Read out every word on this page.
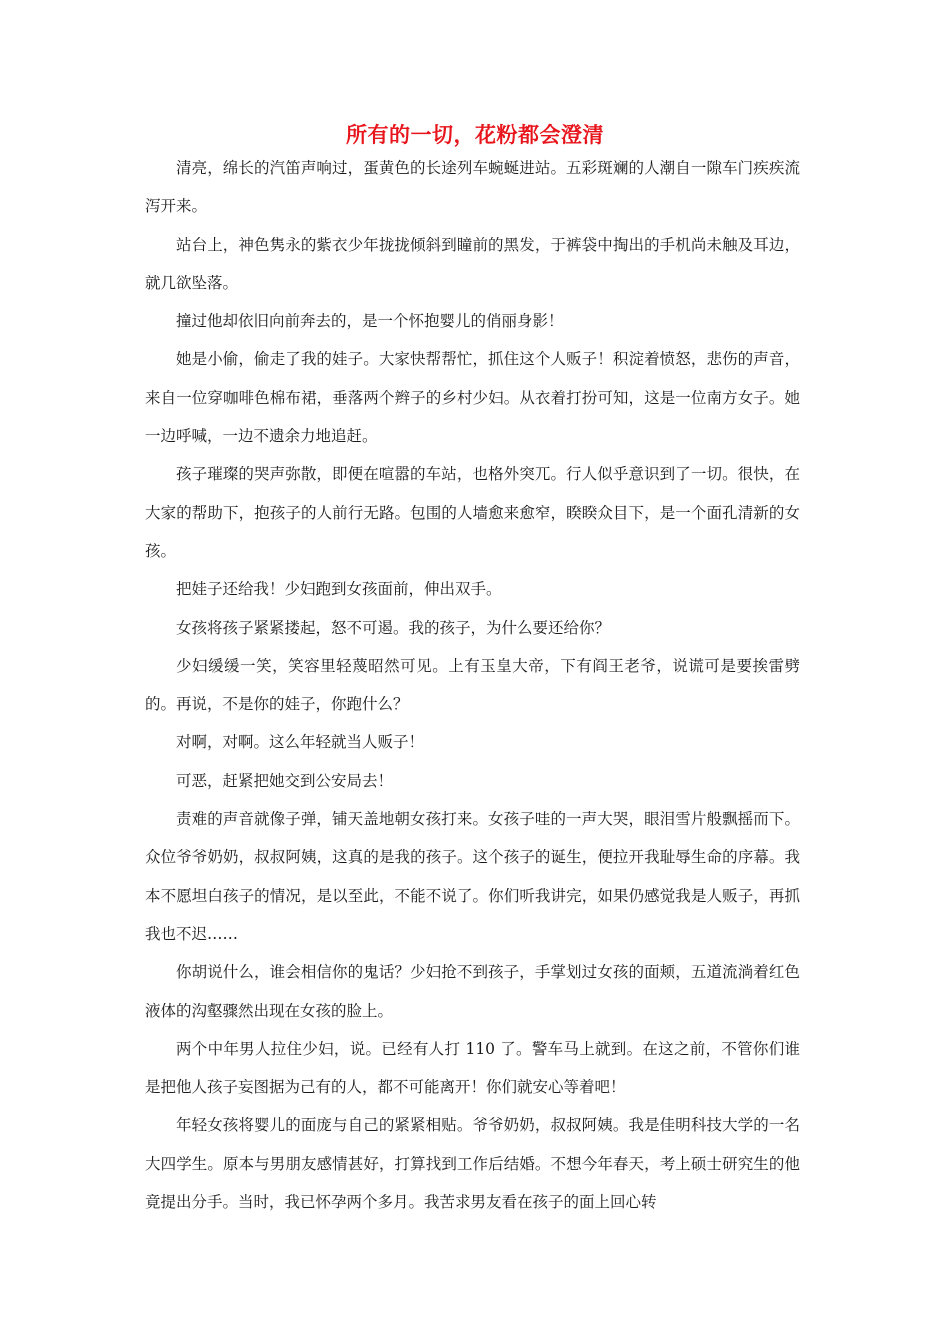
所有的一切，花粉都会澄清

清亮，绵长的汽笛声响过，蛋黄色的长途列车蜿蜒进站。五彩斑斓的人潮自一隙车门疾疾流泻开来。

站台上，神色隽永的紫衣少年拢拢倾斜到瞳前的黑发，于裤袋中掏出的手机尚未触及耳边，就几欲坠落。

撞过他却依旧向前奔去的，是一个怀抱婴儿的俏丽身影！

她是小偷，偷走了我的娃子。大家快帮帮忙，抓住这个人贩子！积淀着愤怒，悲伤的声音，来自一位穿咖啡色棉布裙，垂落两个辫子的乡村少妇。从衣着打扮可知，这是一位南方女子。她一边呼喊，一边不遗余力地追赶。

孩子璀璨的哭声弥散，即便在喧嚣的车站，也格外突兀。行人似乎意识到了一切。很快，在大家的帮助下，抱孩子的人前行无路。包围的人墙愈来愈窄，睽睽众目下，是一个面孔清新的女孩。

把娃子还给我！少妇跑到女孩面前，伸出双手。

女孩将孩子紧紧搂起，怒不可遏。我的孩子，为什么要还给你？

少妇缓缓一笑，笑容里轻蔑昭然可见。上有玉皇大帝，下有阎王老爷，说谎可是要挨雷劈的。再说，不是你的娃子，你跑什么？

对啊，对啊。这么年轻就当人贩子！

可恶，赶紧把她交到公安局去！

责难的声音就像子弹，铺天盖地朝女孩打来。女孩子哇的一声大哭，眼泪雪片般飘摇而下。众位爷爷奶奶，叔叔阿姨，这真的是我的孩子。这个孩子的诞生，便拉开我耻辱生命的序幕。我本不愿坦白孩子的情况，是以至此，不能不说了。你们听我讲完，如果仍感觉我是人贩子，再抓我也不迟……

你胡说什么，谁会相信你的鬼话？少妇抢不到孩子，手掌划过女孩的面颊，五道流淌着红色液体的沟壑骤然出现在女孩的脸上。

两个中年男人拉住少妇，说。已经有人打 110 了。警车马上就到。在这之前，不管你们谁是把他人孩子妄图据为己有的人，都不可能离开！你们就安心等着吧！

年轻女孩将婴儿的面庞与自己的紧紧相贴。爷爷奶奶，叔叔阿姨。我是佳明科技大学的一名大四学生。原本与男朋友感情甚好，打算找到工作后结婚。不想今年春天，考上硕士研究生的他竟提出分手。当时，我已怀孕两个多月。我苦求男友看在孩子的面上回心转
